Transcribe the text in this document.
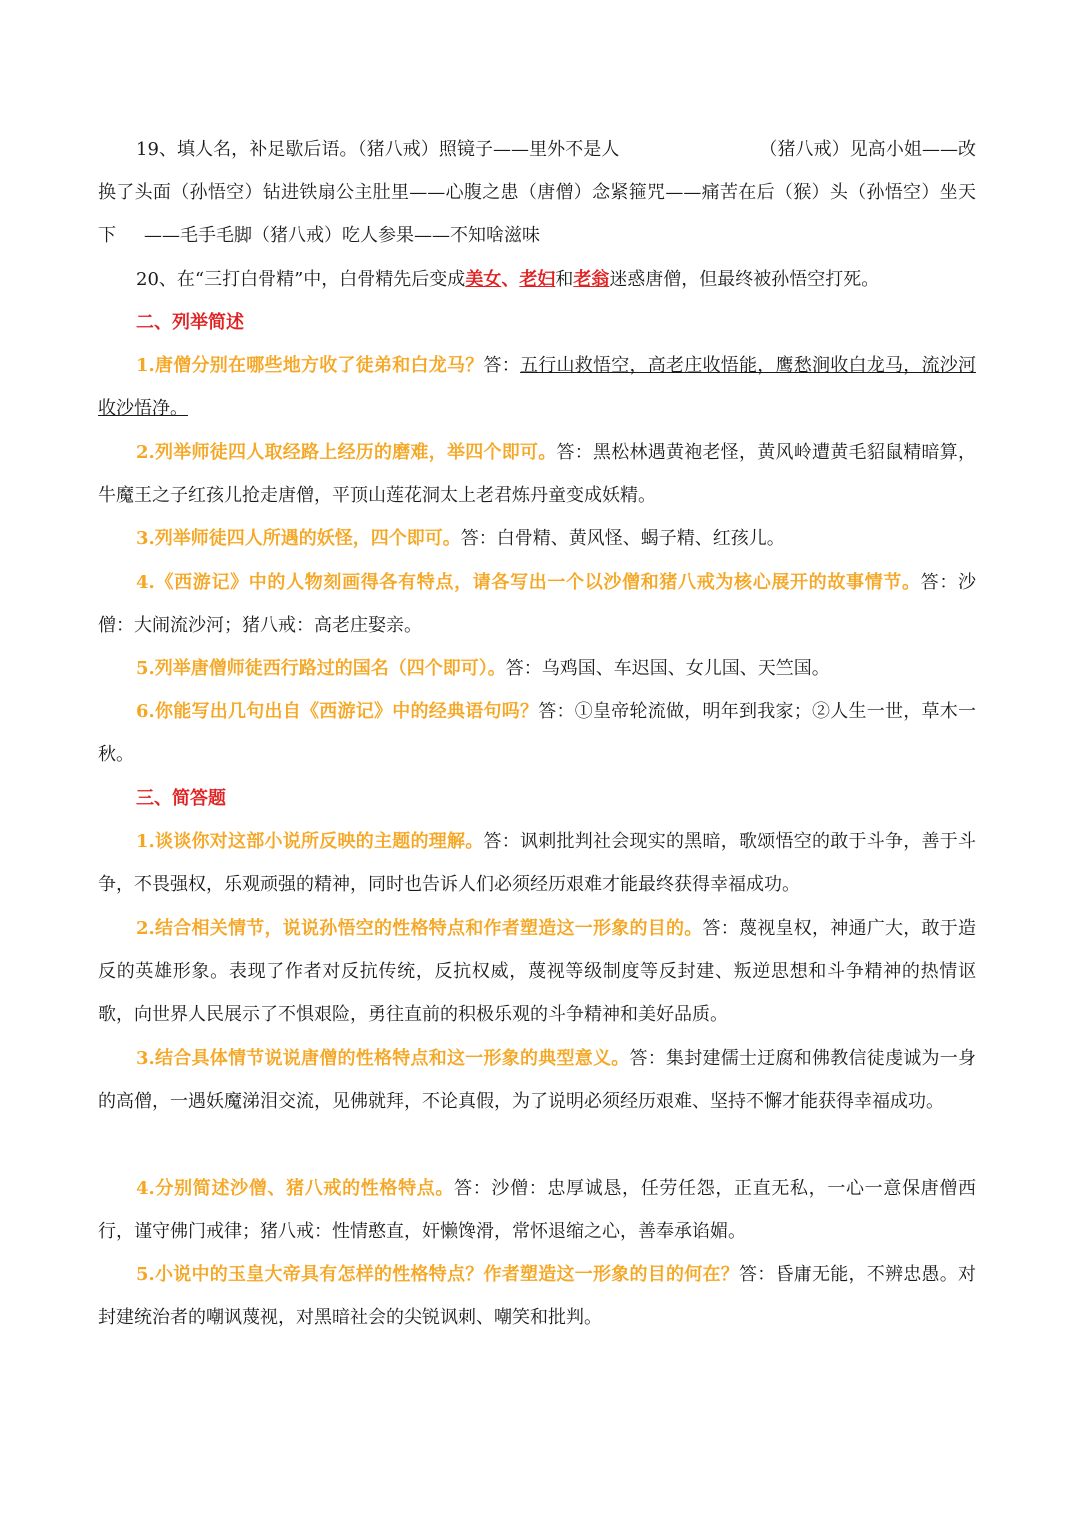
19、填人名，补足歇后语。（猪八戒）照镜子——里外不是人	（猪八戒）见高小姐——改换了头面（孙悟空）钻进铁扇公主肚里——心腹之患（唐僧）念紧箍咒——痛苦在后（猴）头（孙悟空）坐天下 ——毛手毛脚（猪八戒）吃人参果——不知啥滋味

20、在“三打白骨精”中，白骨精先后变成美女、老妇和老翁迷惑唐僧，但最终被孙悟空打死。

二、列举简述

1.唐僧分别在哪些地方收了徒弟和白龙马？答：五行山救悟空，高老庄收悟能，鹰愁涧收白龙马，流沙河收沙悟净。

2.列举师徒四人取经路上经历的磨难，举四个即可。答：黑松林遇黄袍老怪，黄风岭遭黄毛貂鼠精暗算，牛魔王之子红孩儿抢走唐僧，平顶山莲花洞太上老君炼丹童变成妖精。

3.列举师徒四人所遇的妖怪，四个即可。答：白骨精、黄风怪、蝎子精、红孩儿。

4.《西游记》中的人物刻画得各有特点，请各写出一个以沙僧和猪八戒为核心展开的故事情节。答：沙僧：大闹流沙河；猪八戒：高老庄娶亲。

5.列举唐僧师徒西行路过的国名（四个即可）。答：乌鸡国、车迟国、女儿国、天竺国。

6.你能写出几句出自《西游记》中的经典语句吗？答：①皇帝轮流做，明年到我家；②人生一世，草木一秋。

三、简答题

1.谈谈你对这部小说所反映的主题的理解。答：讽刺批判社会现实的黑暗，歌颂悟空的敢于斗争，善于斗争，不畏强权，乐观顽强的精神，同时也告诉人们必须经历艰难才能最终获得幸福成功。

2.结合相关情节，说说孙悟空的性格特点和作者塑造这一形象的目的。答：蔑视皇权，神通广大，敢于造反的英雄形象。表现了作者对反抗传统，反抗权威，蔑视等级制度等反封建、叛逆思想和斗争精神的热情讴歌，向世界人民展示了不惧艰险，勇往直前的积极乐观的斗争精神和美好品质。

3.结合具体情节说说唐僧的性格特点和这一形象的典型意义。答：集封建儒士迂腐和佛教信徒虔诚为一身的高僧，一遇妖魔涕泪交流，见佛就拜，不论真假，为了说明必须经历艰难、坚持不懈才能获得幸福成功。

4.分别简述沙僧、猪八戒的性格特点。答：沙僧：忠厚诚恳，任劳任怨，正直无私，一心一意保唐僧西行，谨守佛门戒律；猪八戒：性情憨直，奸懒馋滑，常怀退缩之心，善奉承谄媚。

5.小说中的玉皇大帝具有怎样的性格特点？作者塑造这一形象的目的何在？答：昏庸无能，不辨忠愚。对封建统治者的嘲讽蔑视，对黑暗社会的尖锐讽刺、嘲笑和批判。
